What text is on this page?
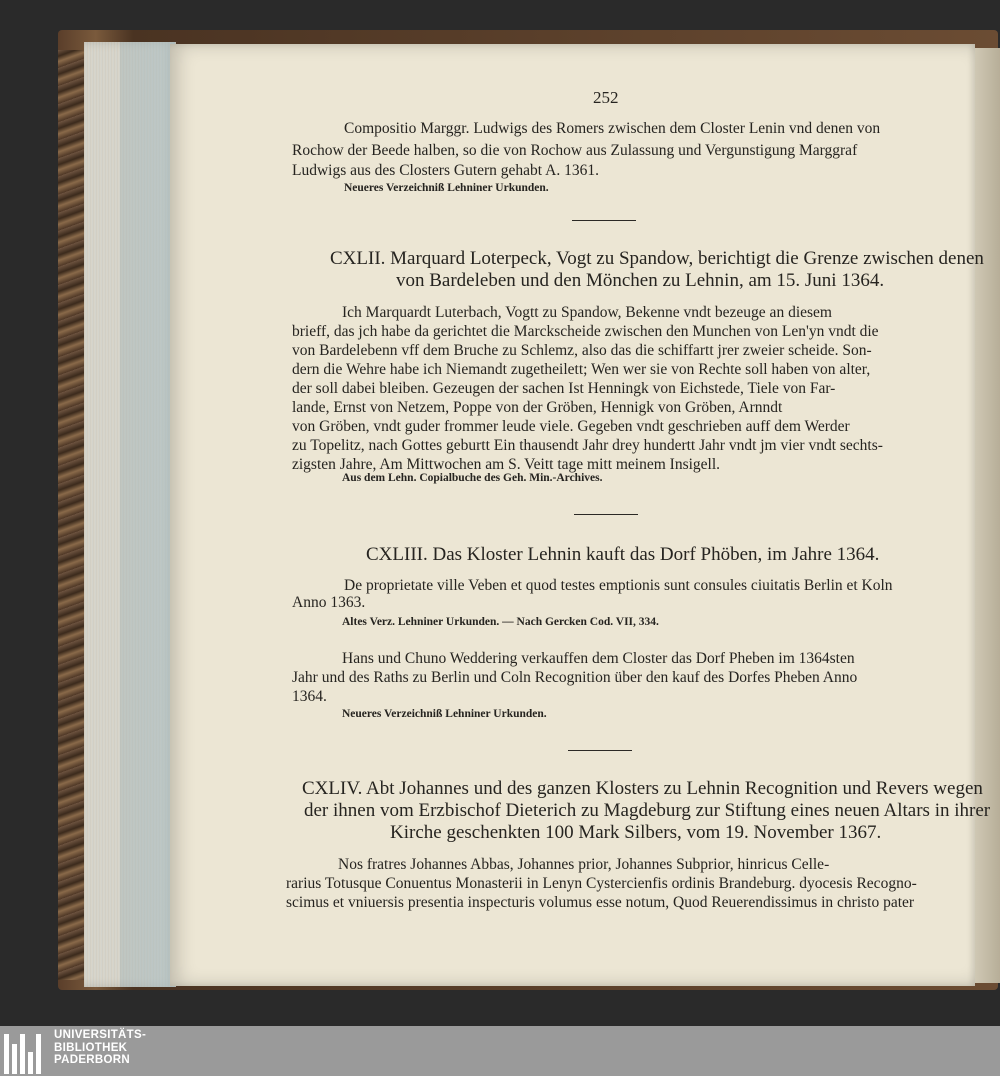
252
Compositio Marggr. Ludwigs des Romers zwischen dem Closter Lenin vnd denen von
Rochow der Beede halben, so die von Rochow aus Zulassung und Vergunstigung Marggraf
Ludwigs aus des Closters Gutern gehabt A. 1361.
Neueres Verzeichniß Lehniner Urkunden.
CXLII. Marquard Loterpeck, Vogt zu Spandow, berichtigt die Grenze zwischen denen
von Bardeleben und den Mönchen zu Lehnin, am 15. Juni 1364.
Ich Marquardt Luterbach, Vogtt zu Spandow, Bekenne vndt bezeuge an diesem
brieff, das jch habe da gerichtet die Marckscheide zwischen den Munchen von Len'yn vndt die
von Bardelebenn vff dem Bruche zu Schlemz, also das die schiffartt jrer zweier scheide. Son-
dern die Wehre habe ich Niemandt zugetheilett; Wen wer sie von Rechte soll haben von alter,
der soll dabei bleiben. Gezeugen der sachen Ist Henningk von Eichstede, Tiele von Far-
lande, Ernst von Netzem, Poppe von der Gröben, Hennigk von Gröben, Arnndt
von Gröben, vndt guder frommer leude viele. Gegeben vndt geschrieben auff dem Werder
zu Topelitz, nach Gottes geburtt Ein thausendt Jahr drey hundertt Jahr vndt jm vier vndt sechts-
zigsten Jahre, Am Mittwochen am S. Veitt tage mitt meinem Insigell.
Aus dem Lehn. Copialbuche des Geh. Min.-Archives.
CXLIII. Das Kloster Lehnin kauft das Dorf Phöben, im Jahre 1364.
De proprietate ville Veben et quod testes emptionis sunt consules ciuitatis Berlin et Koln
Anno 1363.
Altes Verz. Lehniner Urkunden. — Nach Gercken Cod. VII, 334.
Hans und Chuno Weddering verkauffen dem Closter das Dorf Pheben im 1364sten
Jahr und des Raths zu Berlin und Coln Recognition über den kauf des Dorfes Pheben Anno
1364.
Neueres Verzeichniß Lehniner Urkunden.
CXLIV. Abt Johannes und des ganzen Klosters zu Lehnin Recognition und Revers wegen
der ihnen vom Erzbischof Dieterich zu Magdeburg zur Stiftung eines neuen Altars in ihrer
Kirche geschenkten 100 Mark Silbers, vom 19. November 1367.
Nos fratres Johannes Abbas, Johannes prior, Johannes Subprior, hinricus Celle-
rarius Totusque Conuentus Monasterii in Lenyn Cystercienfis ordinis Brandeburg. dyocesis Recogno-
scimus et vniuersis presentia inspecturis volumus esse notum, Quod Reuerendissimus in christo pater
UNIVERSITÄTS-
BIBLIOTHEK
PADERBORN
